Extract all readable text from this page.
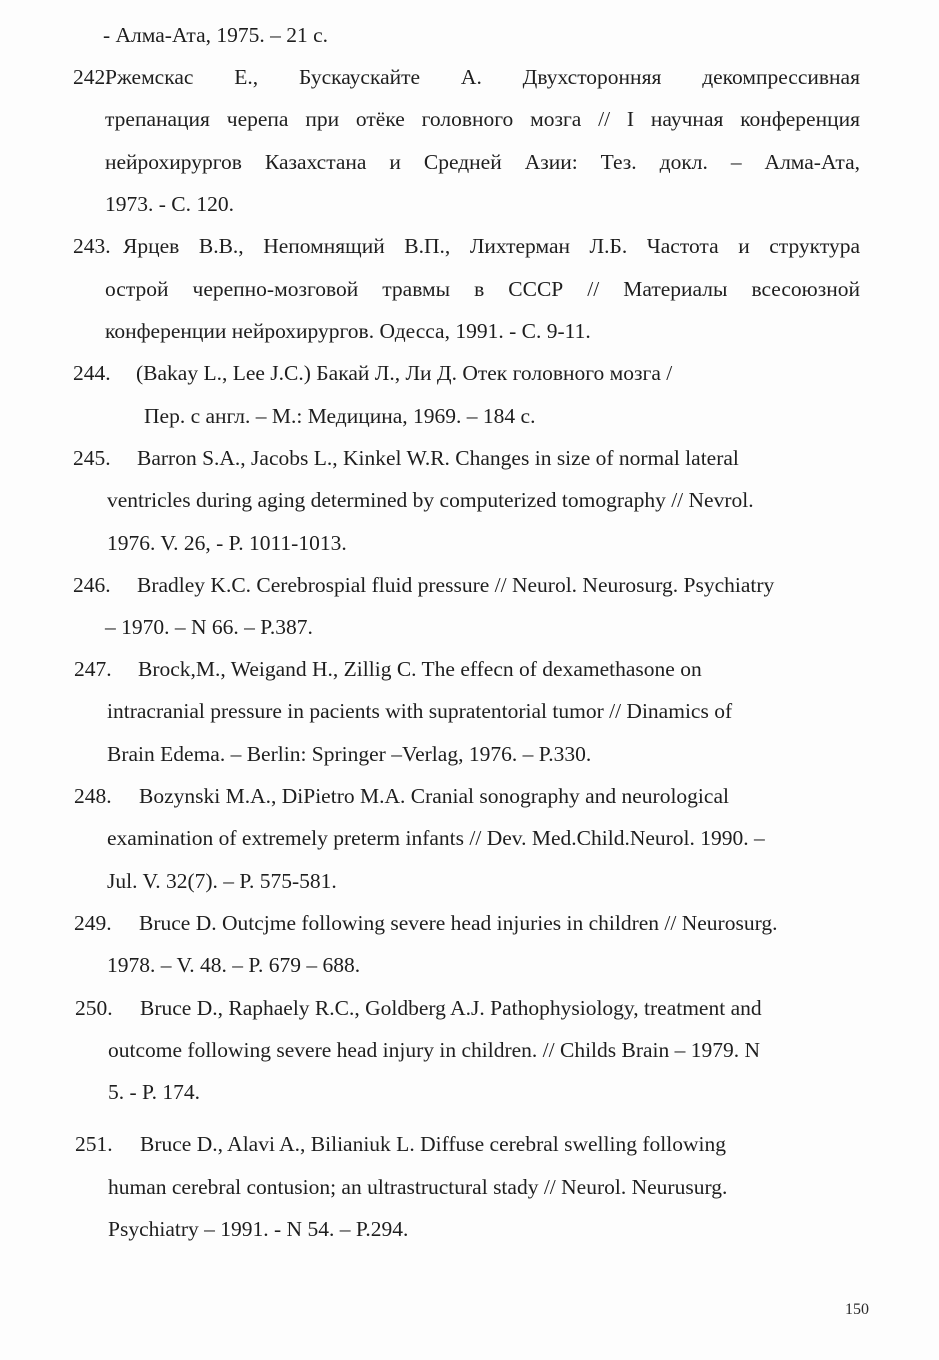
- Алма-Ата, 1975. – 21 с.
242.
Ржемскас Е., Бускаускайте А. Двухсторонняя декомпрессивная
трепанация черепа при отёке головного мозга // I научная конференция
нейрохирургов Казахстана и Средней Азии: Тез. докл. – Алма-Ата,
1973. - С. 120.
243. Ярцев В.В., Непомнящий В.П., Лихтерман Л.Б. Частота и структура
острой черепно-мозговой травмы в СССР // Материалы всесоюзной
конференции нейрохирургов. Одесса, 1991. - С. 9-11.
244. (Bakay L., Lee J.C.) Бакай Л., Ли Д. Отек головного мозга /
Пер. с англ. – М.: Медицина, 1969. – 184 с.
245. Barron S.A., Jacobs L., Kinkel W.R. Changes in size of normal lateral
ventricles during aging determined by computerized tomography // Nevrol.
1976. V. 26, - P. 1011-1013.
246. Bradley K.C. Cerebrospial fluid pressure // Neurol. Neurosurg. Psychiatry
– 1970. – N 66. – P.387.
247. Brock,M., Weigand H., Zillig C. The effecn of dexamethasone on
intracranial pressure in pacients with supratentorial tumor // Dinamics of
Brain Edema. – Berlin: Springer –Verlag, 1976. – P.330.
248. Bozynski M.A., DiPietro M.A. Cranial sonography and neurological
examination of extremely preterm infants // Dev. Med.Child.Neurol. 1990. –
Jul. V. 32(7). – P. 575-581.
249. Bruce D. Outcjme following severe head injuries in children // Neurosurg.
1978. – V. 48. – P. 679 – 688.
250. Bruce D., Raphaely R.C., Goldberg A.J. Pathophysiology, treatment and
outcome following severe head injury in children. // Childs Brain – 1979. N
5. - P. 174.
251. Bruce D., Alavi A., Bilianiuk L. Diffuse cerebral swelling following
human cerebral contusion; an ultrastructural stady // Neurol. Neurusurg.
Psychiatry – 1991. - N 54. – P.294.
150
